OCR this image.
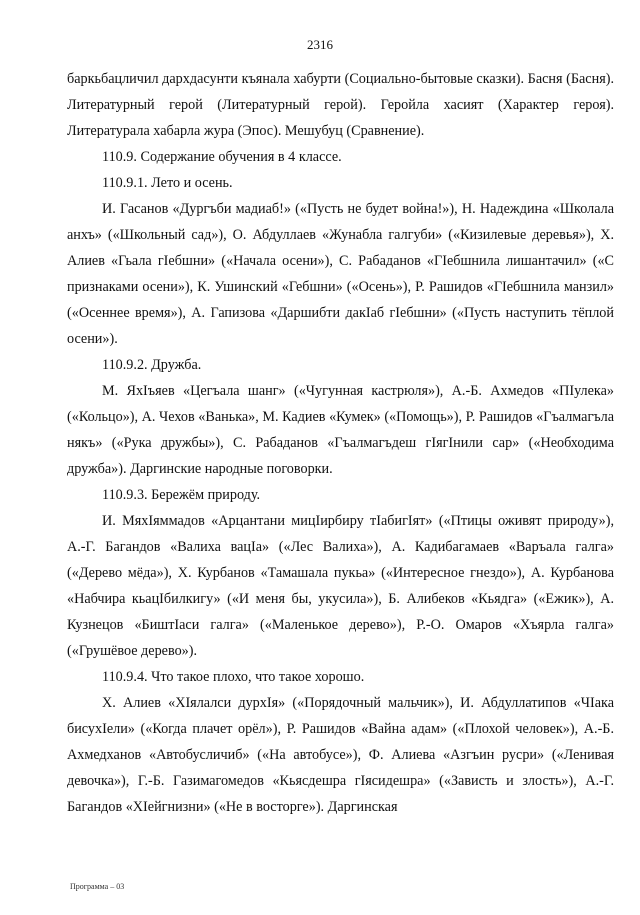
2316

баркьбацличил дархдасунти къянала хабурти (Социально-бытовые сказки). Басня (Басня). Литературный герой (Литературный герой). Геройла хасият (Характер героя). Литературала хабарла жура (Эпос). Мешубуц (Сравнение).

110.9. Содержание обучения в 4 классе.

110.9.1. Лето и осень.

И. Гасанов «Дургъби мадиаб!» («Пусть не будет война!»), Н. Надеждина «Школала анхъ» («Школьный сад»), О. Абдуллаев «Жунабла галгуби» («Кизилевые деревья»), Х. Алиев «Гьала гIебшни» («Начала осени»), С. Рабаданов «ГIебшнила лишантачил» («С признаками осени»), К. Ушинский «Гебшни» («Осень»), Р. Рашидов «ГIебшнила манзил» («Осеннее время»), А. Гапизова «Даршибти дакIаб гIебшни» («Пусть наступить тёплой осени»).

110.9.2. Дружба.

М. ЯхIъяев «Цегъала шанг» («Чугунная кастрюля»), А.-Б. Ахмедов «ПIулека» («Кольцо»), А. Чехов «Ванька», М. Кадиев «Кумек» («Помощь»), Р. Рашидов «Гъалмагъла някъ» («Рука дружбы»), С. Рабаданов «Гъалмагъдеш гIягIнили сар» («Необходима дружба»). Даргинские народные поговорки.

110.9.3. Бережём природу.

И. МяхIяммадов «Арцантани мицIирбиру тIабигIят» («Птицы оживят природу»), А.-Г. Багандов «Валиха вацIа» («Лес Валиха»), А. Кадибагамаев «Варъала галга» («Дерево мёда»), Х. Курбанов «Тамашала пукьа» («Интересное гнездо»), А. Курбанова «Набчира кьацIбилкигу» («И меня бы, укусила»), Б. Алибеков «Кьядга» («Ежик»), А. Кузнецов «БиштIаси галга» («Маленькое дерево»), Р.-О. Омаров «Хъярла галга» («Грушёвое дерево»).

110.9.4. Что такое плохо, что такое хорошо.

Х. Алиев «ХIялалси дурхIя» («Порядочный мальчик»), И. Абдуллатипов «ЧIака бисухIели» («Когда плачет орёл»), Р. Рашидов «Вайна адам» («Плохой человек»), А.-Б. Ахмедханов «Автобусличиб» («На автобусе»), Ф. Алиева «Азгъин русри» («Ленивая девочка»), Г.-Б. Газимагомедов «Кьясдешра гIясидешра» («Зависть и злость»), А.-Г. Багандов «ХIейгнизни» («Не в восторге»). Даргинская

Программа – 03
